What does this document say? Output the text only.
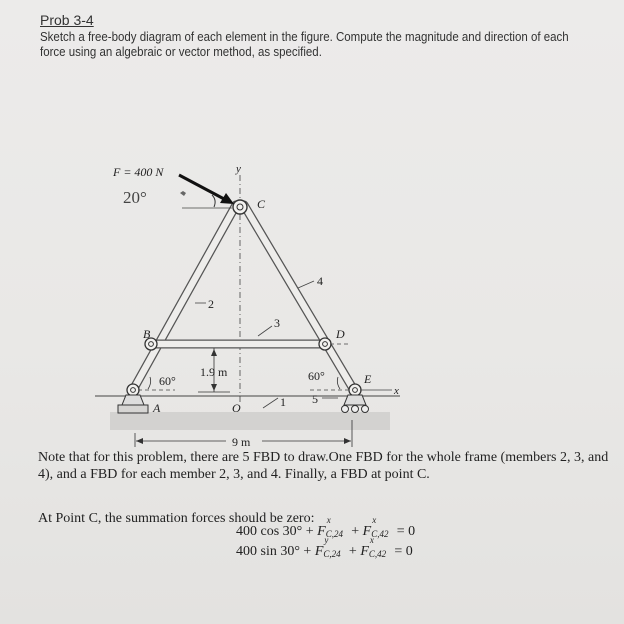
Prob 3-4
Sketch a free-body diagram of each element in the figure. Compute the magnitude and direction of each force using an algebraic or vector method, as specified.
F = 400 N
20°
y
C
2
4
3
B	D
1.9 m
60°	60°	E
x
A	O	1 5
9 m
Note that for this problem, there are 5 FBD to draw.One FBD for the whole frame (members 2, 3, and 4), and a FBD for each member 2, 3, and 4. Finally, a FBD at point C.
At Point C, the summation forces should be zero:
400 cos 30° + F
x
C,24 + F
x
C,42 = 0
400 sin 30° + F
y
C,24 + F
x
C,42 = 0
